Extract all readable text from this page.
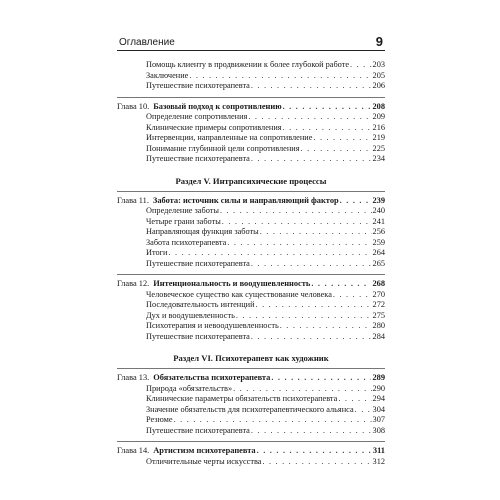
Оглавление	9
Помощь клиенту в продвижении к более глубокой работе . . .	203
Заключение . . .	205
Путешествие психотерапевта . . .	206
Глава 10. Базовый подход к сопротивлению . . .	208
Определение сопротивления . . .	209
Клинические примеры сопротивления . . .	216
Интервенции, направленные на сопротивление . . .	219
Понимание глубинной цели сопротивления . . .	225
Путешествие психотерапевта . . .	234
Раздел V. Интрапсихические процессы
Глава 11. Забота: источник силы и направляющий фактор . . .	239
Определение заботы . . .	240
Четыре грани заботы . . .	241
Направляющая функция заботы . . .	256
Забота психотерапевта . . .	259
Итоги . . .	264
Путешествие психотерапевта . . .	265
Глава 12. Интенциональность и воодушевленность . . .	268
Человеческое существо как существование человека . . .	270
Последовательность интенций . . .	272
Дух и воодушевленность . . .	275
Психотерапия и невоодушевленность . . .	280
Путешествие психотерапевта . . .	284
Раздел VI. Психотерапевт как художник
Глава 13. Обязательства психотерапевта . . .	289
Природа «обязательств» . . .	290
Клинические параметры обязательств психотерапевта . . .	294
Значение обязательств для психотерапевтического альянса . . . 304
Резюме . . .	307
Путешествие психотерапевта . . .	308
Глава 14. Артистизм психотерапевта . . .	311
Отличительные черты искусства . . .	312
